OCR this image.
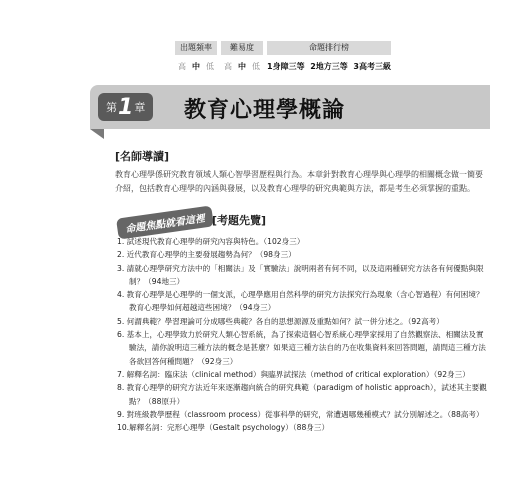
出題頻率	難易度	命題排行榜
高 中 低 高 中 低 1身障三等 2地方三等 3高考三級
第 1 章 教育心理學概論
[名師導讀]
教育心理學係研究教育領域人類心智學習歷程與行為。本章針對教育心理學與心理學的相關概念做一簡要介紹，包括教育心理學的內涵與發展，以及教育心理學的研究典範與方法，都是考生必須掌握的重點。
命題焦點就看這裡 [考題先覽]
1. 試述現代教育心理學的研究內容與特色。（102身三）
2. 近代教育心理學的主要發展趨勢為何？（98身三）
3. 請就心理學研究方法中的「相關法」及「實驗法」說明兩者有何不同，以及這兩種研究方法各有何優點與限制？（94地三）
4. 教育心理學是心理學的一個支派，心理學應用自然科學的研究方法探究行為現象（含心智過程）有何困境？教育心理學如何超越這些困境？（94身三）
5. 何謂典範？學習理論可分成哪些典範？各自的思想源源及重點如何？試一併分述之。（92高考）
6. 基本上，心理學致力於研究人類心智系統，為了探索這個心智系統心理學家採用了自然觀察法、相關法及實驗法，請你說明這三種方法的概念是甚麼？如果這三種方法自的乃在收集資料來回答問題，請問這三種方法各欲回答何種問題？（92身三）
7. 解釋名詞：臨床法（clinical method）與臨界試探法（method of critical exploration）（92身三）
8. 教育心理學的研究方法近年來逐漸趨向統合的研究典範（paradigm of holistic approach），試述其主要觀點？（88原升）
9. 對班級教學歷程（classroom process）從事科學的研究，常遭遇哪幾種模式？試分別解述之。（88高考）
10.解釋名詞：完形心理學（Gestalt psychology）（88身三）
